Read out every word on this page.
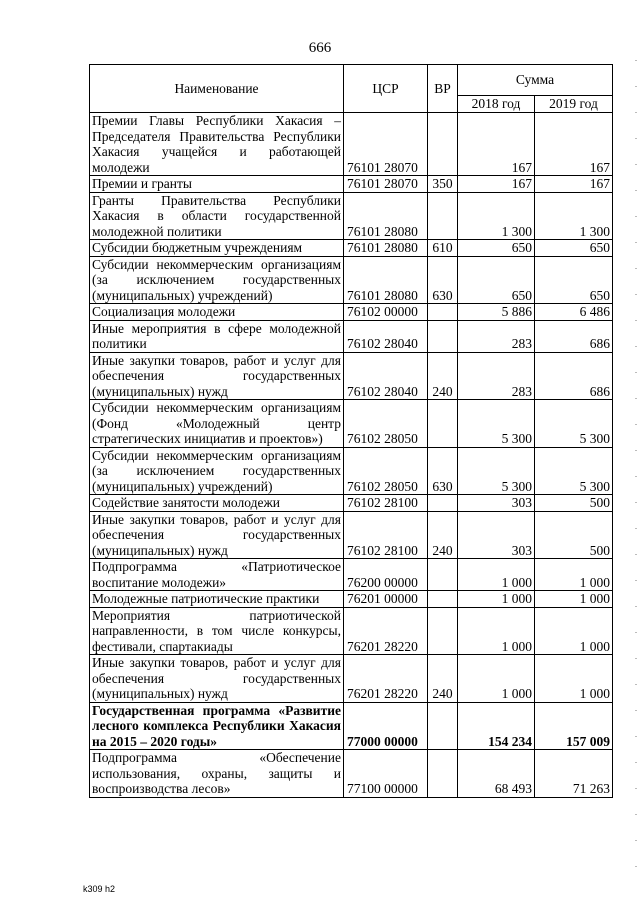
666
Наименование	ЦСР	ВР	Сумма	
			2018 год	2019 год
Премии Главы Республики Хакасия – Председателя Правительства Республики Хакасия учащейся и работающей молодежи	76101 28070		167	167
Премии и гранты	76101 28070	350	167	167
Гранты Правительства Республики Хакасия в области государственной молодежной политики	76101 28080		1 300	1 300
Субсидии бюджетным учреждениям	76101 28080	610	650	650
Субсидии некоммерческим организациям (за исключением государственных (муниципальных) учреждений)	76101 28080	630	650	650
Социализация молодежи	76102 00000		5 886	6 486
Иные мероприятия в сфере молодежной политики	76102 28040		283	686
Иные закупки товаров, работ и услуг для обеспечения государственных (муниципальных) нужд	76102 28040	240	283	686
Субсидии некоммерческим организациям (Фонд «Молодежный центр стратегических инициатив и проектов»)	76102 28050		5 300	5 300
Субсидии некоммерческим организациям (за исключением государственных (муниципальных) учреждений)	76102 28050	630	5 300	5 300
Содействие занятости молодежи	76102 28100		303	500
Иные закупки товаров, работ и услуг для обеспечения государственных (муниципальных) нужд	76102 28100	240	303	500
Подпрограмма «Патриотическое воспитание молодежи»	76200 00000		1 000	1 000
Молодежные патриотические практики	76201 00000		1 000	1 000
Мероприятия патриотической направленности, в том числе конкурсы, фестивали, спартакиады	76201 28220		1 000	1 000
Иные закупки товаров, работ и услуг для обеспечения государственных (муниципальных) нужд	76201 28220	240	1 000	1 000
Государственная программа «Развитие лесного комплекса Республики Хакасия на 2015 – 2020 годы»	77000 00000		154 234	157 009
Подпрограмма «Обеспечение использования, охраны, защиты и воспроизводства лесов»	77100 00000		68 493	71 263
k309 h2
